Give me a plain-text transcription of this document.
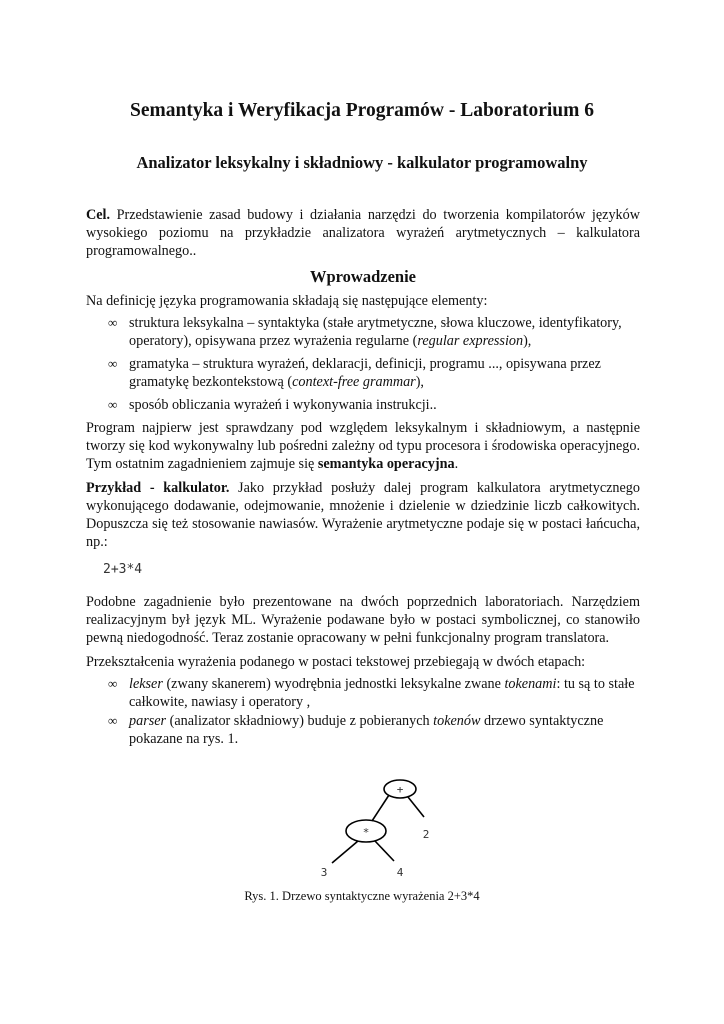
Semantyka i Weryfikacja Programów - Laboratorium 6
Analizator leksykalny i składniowy - kalkulator programowalny

Cel. Przedstawienie zasad budowy i działania narzędzi do tworzenia kompilatorów języków wysokiego poziomu na przykładzie analizatora wyrażeń arytmetycznych – kalkulatora programowalnego..

Wprowadzenie

Na definicję języka programowania składają się następujące elementy:

∞ struktura leksykalna – syntaktyka (stałe arytmetyczne, słowa kluczowe, identyfikatory, operatory), opisywana przez wyrażenia regularne (regular expression),
∞ gramatyka – struktura wyrażeń, deklaracji, definicji, programu ..., opisywana przez gramatykę bezkontekstową (context-free grammar),
∞ sposób obliczania wyrażeń i wykonywania instrukcji..

Program najpierw jest sprawdzany pod względem leksykalnym i składniowym, a następnie tworzy się kod wykonywalny lub pośredni zależny od typu procesora i środowiska operacyjnego. Tym ostatnim zagadnieniem zajmuje się semantyka operacyjna.

Przykład - kalkulator. Jako przykład posłuży dalej program kalkulatora arytmetycznego wykonującego dodawanie, odejmowanie, mnożenie i dzielenie w dziedzinie liczb całkowitych. Dopuszcza się też stosowanie nawiasów. Wyrażenie arytmetyczne podaje się w postaci łańcucha, np.:

2+3*4

Podobne zagadnienie było prezentowane na dwóch poprzednich laboratoriach. Narzędziem realizacyjnym był język ML. Wyrażenie podawane było w postaci symbolicznej, co stanowiło pewną niedogodność. Teraz zostanie opracowany w pełni funkcjonalny program translatora.

Przekształcenia wyrażenia podanego w postaci tekstowej przebiegają w dwóch etapach:

∞ lekser (zwany skanerem) wyodrębnia jednostki leksykalne zwane tokenami: tu są to stałe całkowite, nawiasy i operatory ,
∞ parser (analizator składniowy) buduje z pobieranych tokenów drzewo syntaktyczne pokazane na rys. 1.
+
*	2
3	4

Rys. 1. Drzewo syntaktyczne wyrażenia 2+3*4
